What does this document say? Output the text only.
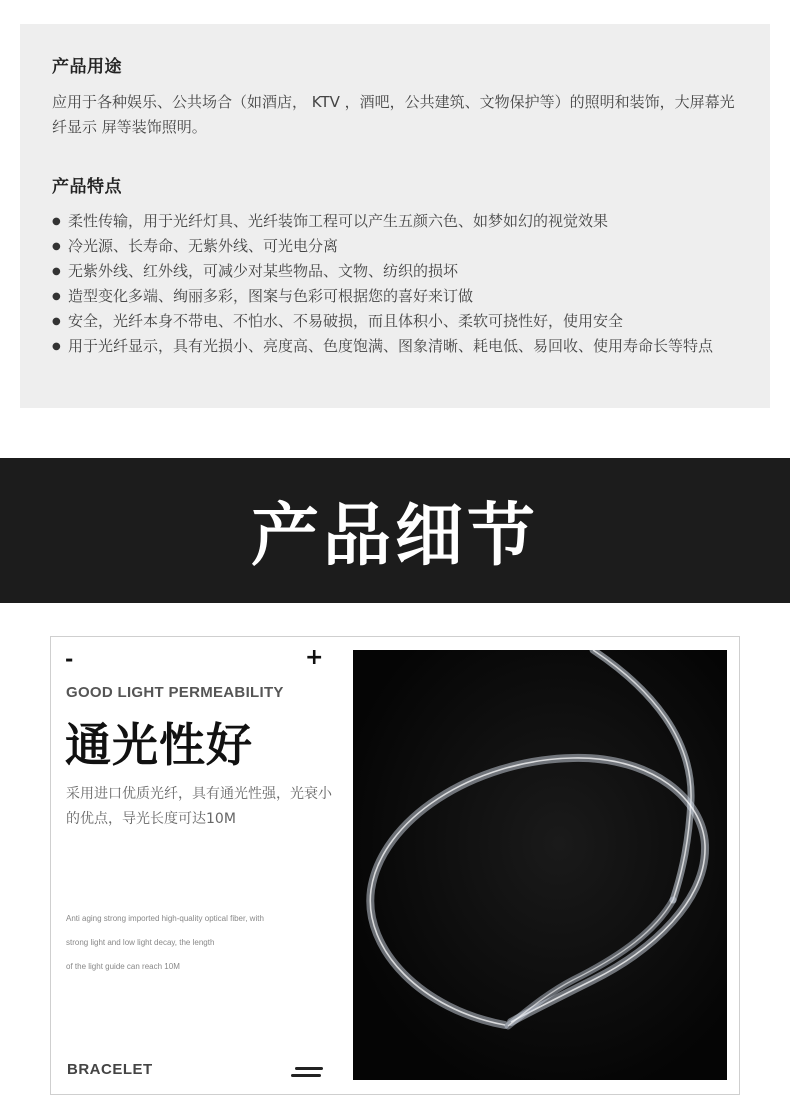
产品用途

应用于各种娱乐、公共场合（如酒店， KTV ，酒吧，公共建筑、文物保护等）的照明和装饰，大屏幕光纤显示 屏等装饰照明。

产品特点
● 柔性传输，用于光纤灯具、光纤装饰工程可以产生五颜六色、如梦如幻的视觉效果
● 冷光源、长寿命、无紫外线、可光电分离
● 无紫外线、红外线，可减少对某些物品、文物、纺织的损坏
● 造型变化多端、绚丽多彩，图案与色彩可根据您的喜好来订做
● 安全，光纤本身不带电、不怕水、不易破损，而且体积小、柔软可挠性好，使用安全
● 用于光纤显示，具有光损小、亮度高、色度饱满、图象清晰、耗电低、易回收、使用寿命长等特点
产品细节
-	+
GOOD LIGHT PERMEABILITY
通光性好

采用进口优质光纤，具有通光性强，光衰小的优点，导光长度可达10M

Anti aging strong imported high-quality optical fiber, with
strong light and low light decay, the length
of the light guide can reach 10M
BRACELET
